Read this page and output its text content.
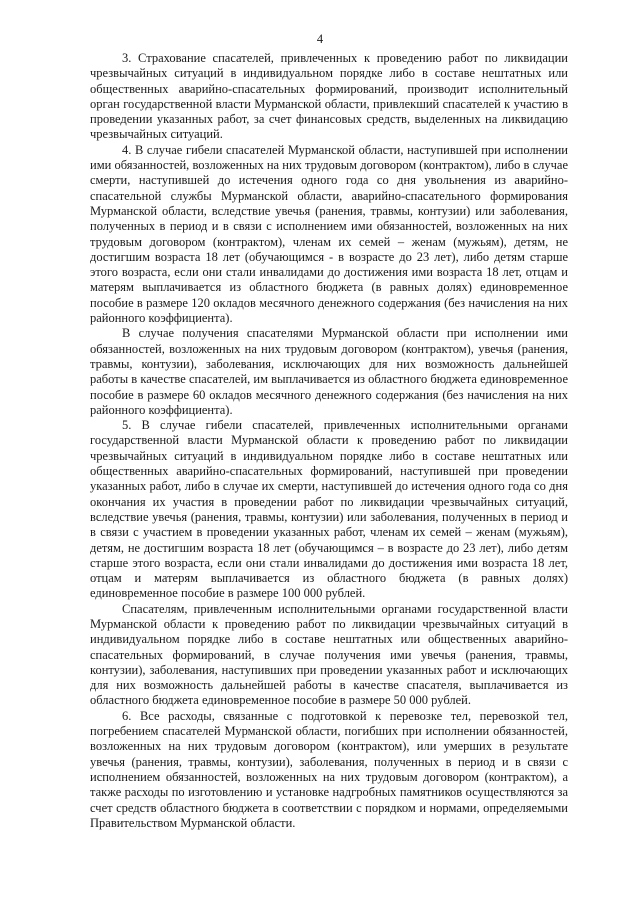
4

3. Страхование спасателей, привлеченных к проведению работ по ликвидации чрезвычайных ситуаций в индивидуальном порядке либо в составе нештатных или общественных аварийно-спасательных формирований, производит исполнительный орган государственной власти Мурманской области, привлекший спасателей к участию в проведении указанных работ, за счет финансовых средств, выделенных на ликвидацию чрезвычайных ситуаций.

4. В случае гибели спасателей Мурманской области, наступившей при исполнении ими обязанностей, возложенных на них трудовым договором (контрактом), либо в случае смерти, наступившей до истечения одного года со дня увольнения из аварийно-спасательной службы Мурманской области, аварийно-спасательного формирования Мурманской области, вследствие увечья (ранения, травмы, контузии) или заболевания, полученных в период и в связи с исполнением ими обязанностей, возложенных на них трудовым договором (контрактом), членам их семей – женам (мужьям), детям, не достигшим возраста 18 лет (обучающимся - в возрасте до 23 лет), либо детям старше этого возраста, если они стали инвалидами до достижения ими возраста 18 лет, отцам и матерям выплачивается из областного бюджета (в равных долях) единовременное пособие в размере 120 окладов месячного денежного содержания (без начисления на них районного коэффициента).

В случае получения спасателями Мурманской области при исполнении ими обязанностей, возложенных на них трудовым договором (контрактом), увечья (ранения, травмы, контузии), заболевания, исключающих для них возможность дальнейшей работы в качестве спасателей, им выплачивается из областного бюджета единовременное пособие в размере 60 окладов месячного денежного содержания (без начисления на них районного коэффициента).

5. В случае гибели спасателей, привлеченных исполнительными органами государственной власти Мурманской области к проведению работ по ликвидации чрезвычайных ситуаций в индивидуальном порядке либо в составе нештатных или общественных аварийно-спасательных формирований, наступившей при проведении указанных работ, либо в случае их смерти, наступившей до истечения одного года со дня окончания их участия в проведении работ по ликвидации чрезвычайных ситуаций, вследствие увечья (ранения, травмы, контузии) или заболевания, полученных в период и в связи с участием в проведении указанных работ, членам их семей – женам (мужьям), детям, не достигшим возраста 18 лет (обучающимся – в возрасте до 23 лет), либо детям старше этого возраста, если они стали инвалидами до достижения ими возраста 18 лет, отцам и матерям выплачивается из областного бюджета (в равных долях) единовременное пособие в размере 100 000 рублей.

Спасателям, привлеченным исполнительными органами государственной власти Мурманской области к проведению работ по ликвидации чрезвычайных ситуаций в индивидуальном порядке либо в составе нештатных или общественных аварийно-спасательных формирований, в случае получения ими увечья (ранения, травмы, контузии), заболевания, наступивших при проведении указанных работ и исключающих для них возможность дальнейшей работы в качестве спасателя, выплачивается из областного бюджета единовременное пособие в размере 50 000 рублей.

6. Все расходы, связанные с подготовкой к перевозке тел, перевозкой тел, погребением спасателей Мурманской области, погибших при исполнении обязанностей, возложенных на них трудовым договором (контрактом), или умерших в результате увечья (ранения, травмы, контузии), заболевания, полученных в период и в связи с исполнением обязанностей, возложенных на них трудовым договором (контрактом), а также расходы по изготовлению и установке надгробных памятников осуществляются за счет средств областного бюджета в соответствии с порядком и нормами, определяемыми Правительством Мурманской области.
